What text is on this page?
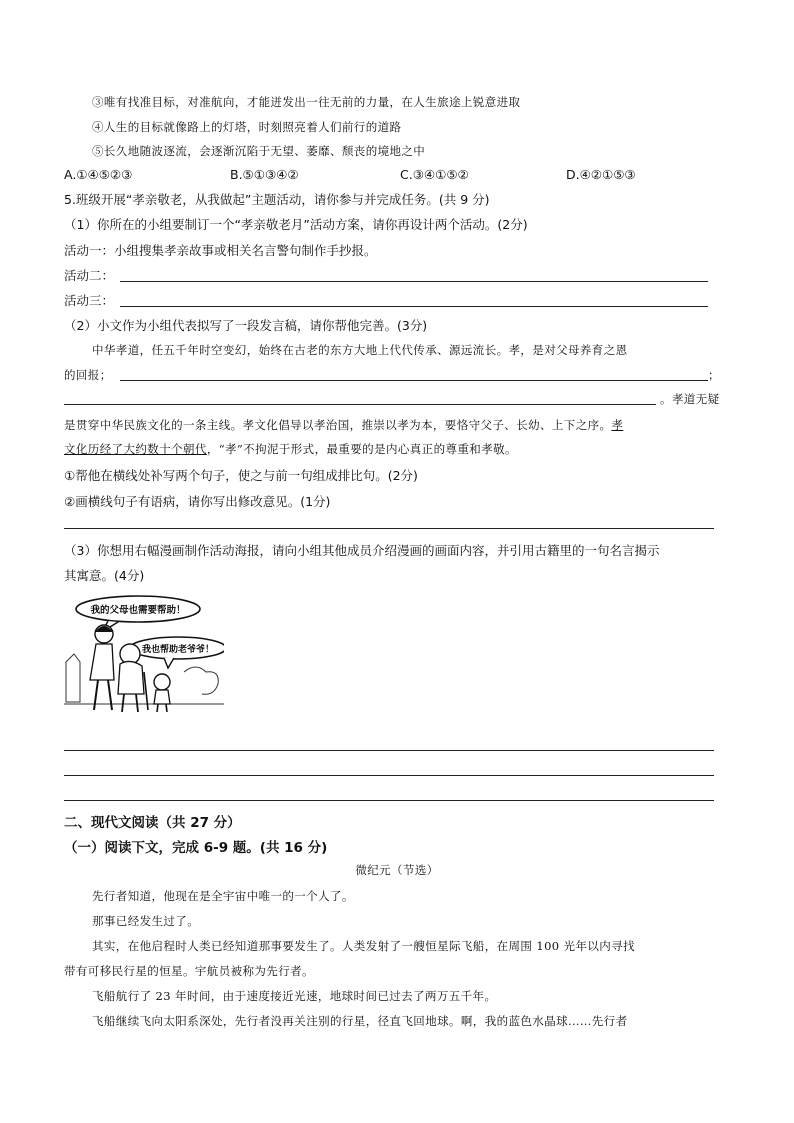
③唯有找准目标，对准航向，才能迸发出一往无前的力量，在人生旅途上锐意进取
④人生的目标就像路上的灯塔，时刻照亮着人们前行的道路
⑤长久地随波逐流，会逐渐沉陷于无望、萎靡、颓丧的境地之中
A.①④⑤②③	B.⑤①③④②	C.③④①⑤②	D.④②①⑤③
5.班级开展“孝亲敬老，从我做起”主题活动，请你参与并完成任务。(共 9 分)
（1）你所在的小组要制订一个“孝亲敬老月”活动方案，请你再设计两个活动。(2分)
活动一：小组搜集孝亲故事或相关名言警句制作手抄报。
活动二：
活动三：
（2）小文作为小组代表拟写了一段发言稿，请你帮他完善。(3分)
中华孝道，任五千年时空变幻，始终在古老的东方大地上代代传承、源远流长。孝，是对父母养育之恩
的回报；	；
。孝道无疑
是贯穿中华民族文化的一条主线。孝文化倡导以孝治国，推崇以孝为本，要恪守父子、长幼、上下之序。孝
文化历经了大约数十个朝代，“孝”不拘泥于形式，最重要的是内心真正的尊重和孝敬。
①帮他在横线处补写两个句子，使之与前一句组成排比句。(2分)
②画横线句子有语病，请你写出修改意见。(1分)
（3）你想用右幅漫画制作活动海报，请向小组其他成员介绍漫画的画面内容，并引用古籍里的一句名言揭示
其寓意。(4分)
我的父母也需要帮助！
我也帮助老爷爷！
二、现代文阅读（共 27 分）
（一）阅读下文，完成 6-9 题。(共 16 分)
微纪元（节选）
先行者知道，他现在是全宇宙中唯一的一个人了。
那事已经发生过了。
其实，在他启程时人类已经知道那事要发生了。人类发射了一艘恒星际飞船，在周围 100 光年以内寻找
带有可移民行星的恒星。宇航员被称为先行者。
飞船航行了 23 年时间，由于速度接近光速，地球时间已过去了两万五千年。
飞船继续飞向太阳系深处，先行者没再关注别的行星，径直飞回地球。啊，我的蓝色水晶球……先行者
